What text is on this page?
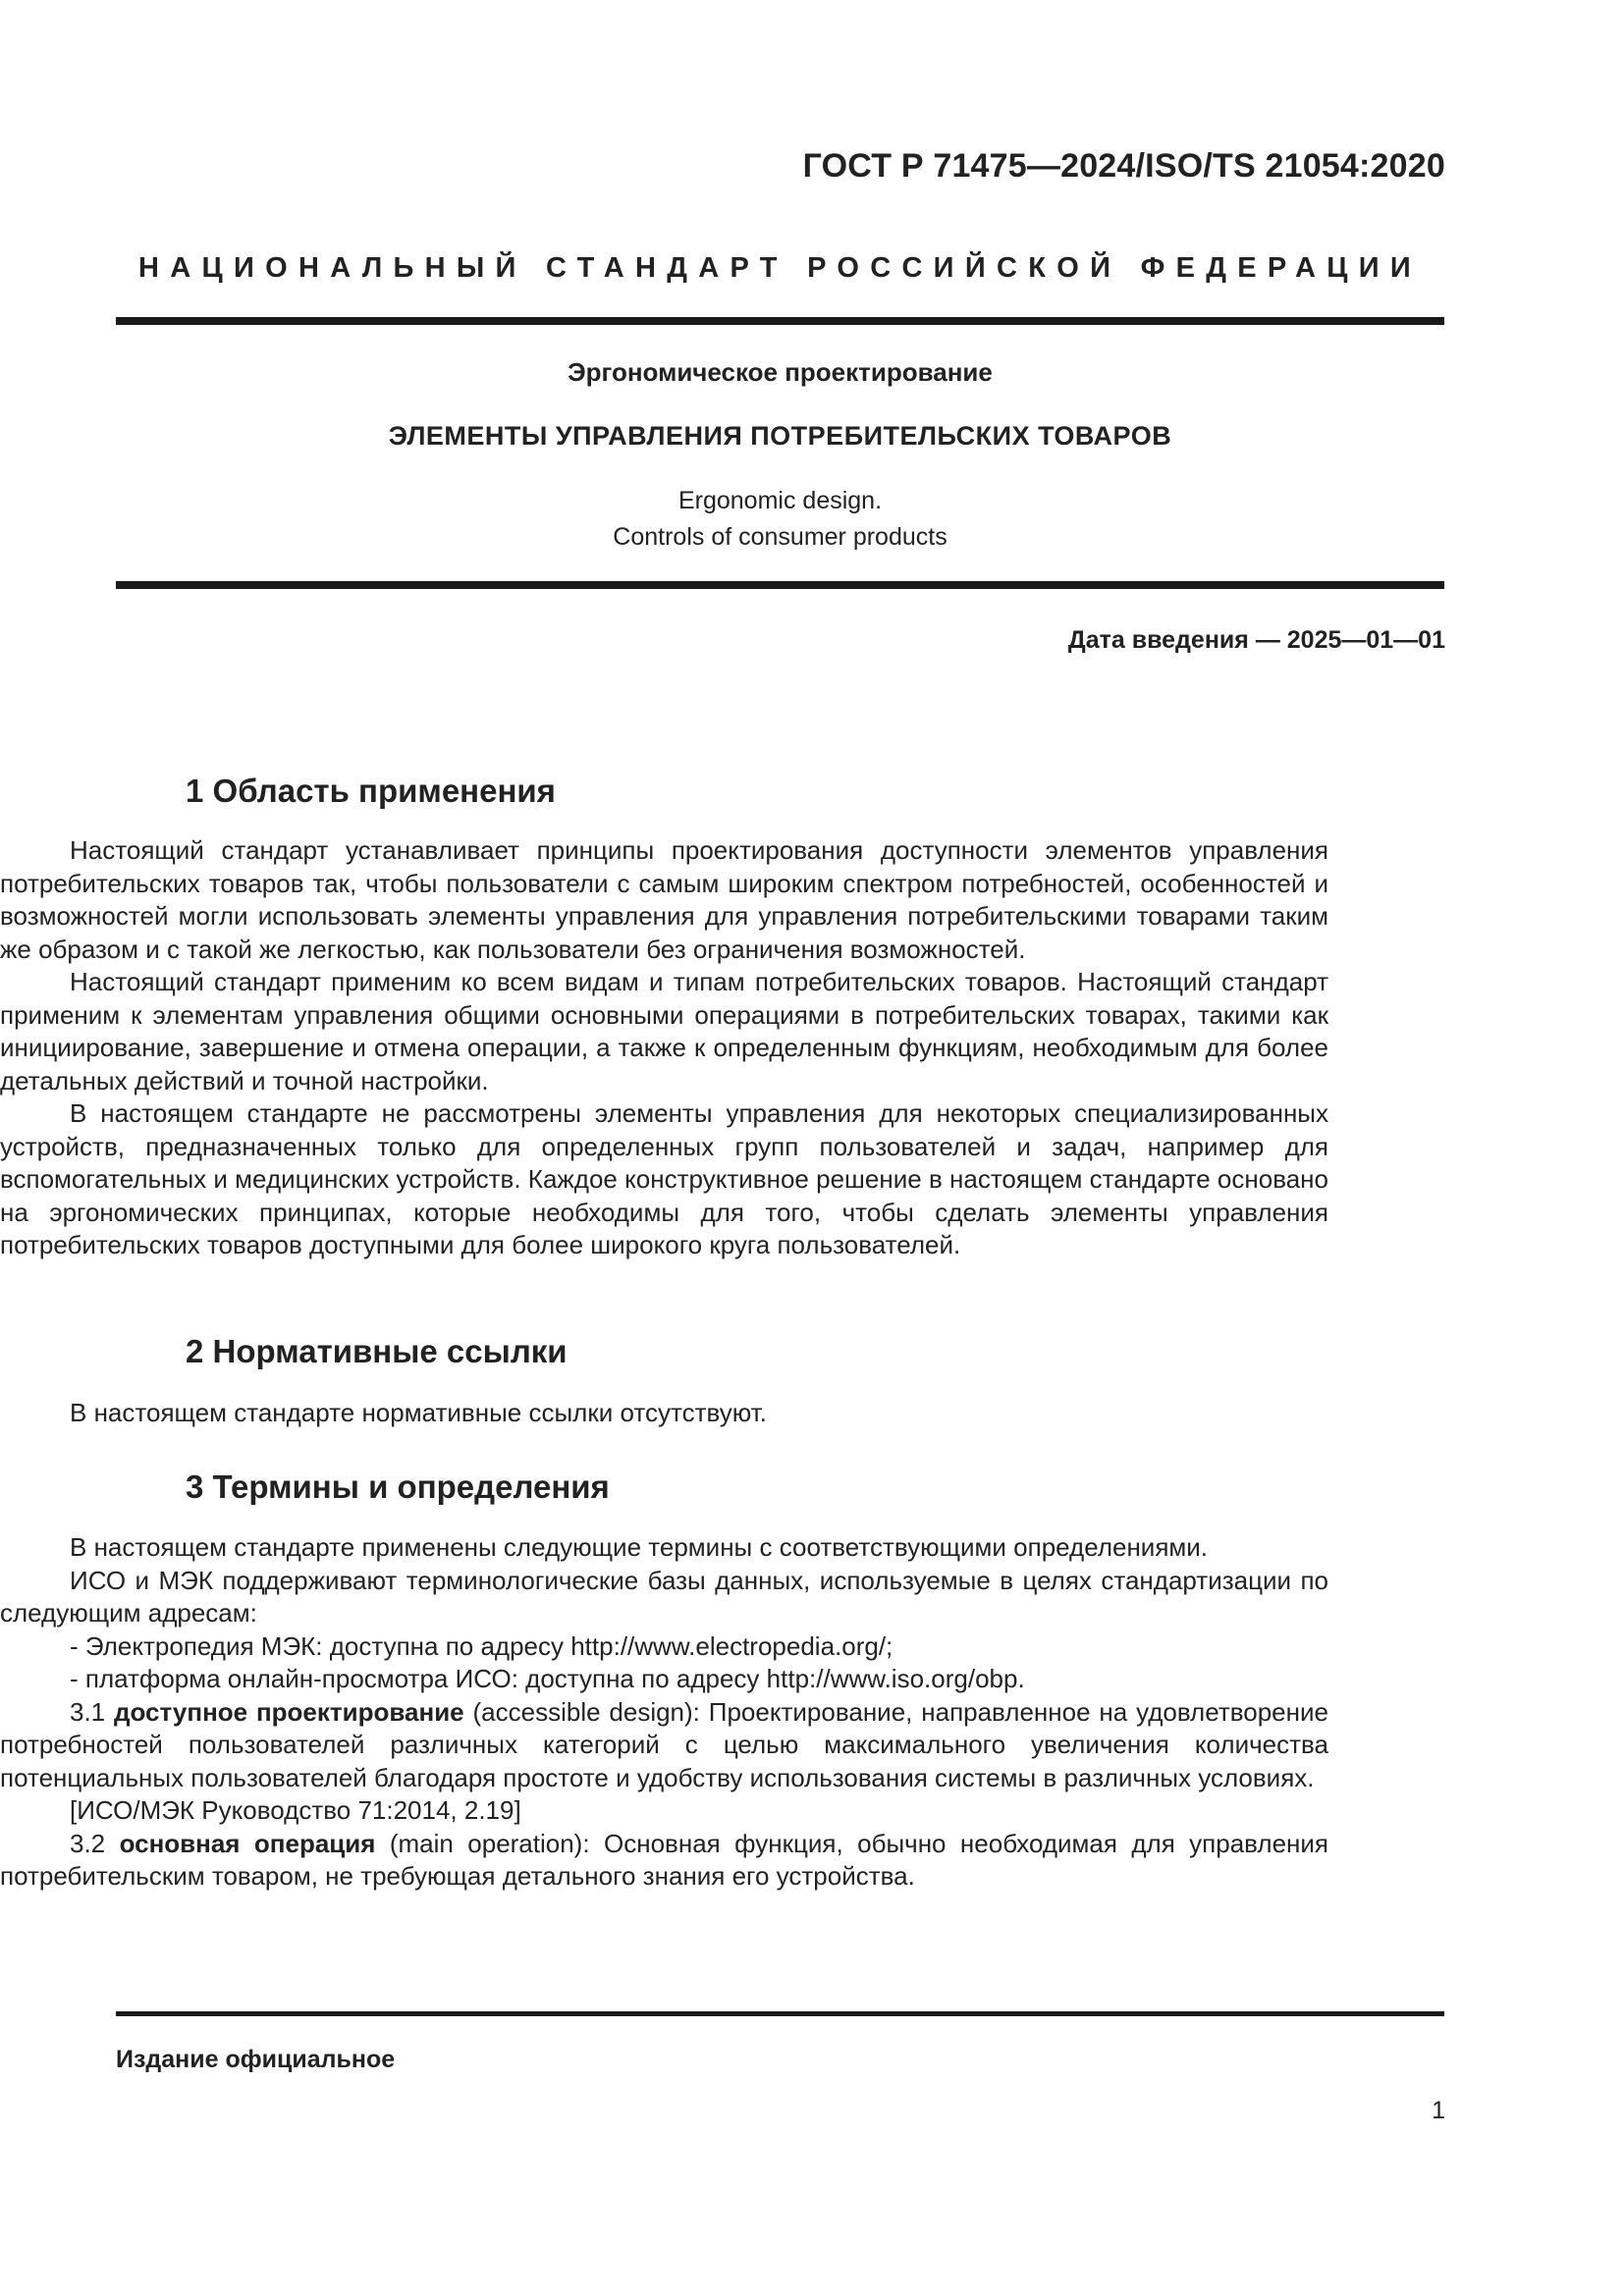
ГОСТ Р 71475—2024/ISO/TS 21054:2020
НАЦИОНАЛЬНЫЙ СТАНДАРТ РОССИЙСКОЙ ФЕДЕРАЦИИ
Эргономическое проектирование
ЭЛЕМЕНТЫ УПРАВЛЕНИЯ ПОТРЕБИТЕЛЬСКИХ ТОВАРОВ
Ergonomic design.
Controls of consumer products
Дата введения — 2025—01—01
1 Область применения

Настоящий стандарт устанавливает принципы проектирования доступности элементов управления потребительских товаров так, чтобы пользователи с самым широким спектром потребностей, особенностей и возможностей могли использовать элементы управления для управления потребительскими товарами таким же образом и с такой же легкостью, как пользователи без ограничения возможностей.

Настоящий стандарт применим ко всем видам и типам потребительских товаров. Настоящий стандарт применим к элементам управления общими основными операциями в потребительских товарах, такими как инициирование, завершение и отмена операции, а также к определенным функциям, необходимым для более детальных действий и точной настройки.

В настоящем стандарте не рассмотрены элементы управления для некоторых специализированных устройств, предназначенных только для определенных групп пользователей и задач, например для вспомогательных и медицинских устройств. Каждое конструктивное решение в настоящем стандарте основано на эргономических принципах, которые необходимы для того, чтобы сделать элементы управления потребительских товаров доступными для более широкого круга пользователей.

2 Нормативные ссылки

В настоящем стандарте нормативные ссылки отсутствуют.

3 Термины и определения

В настоящем стандарте применены следующие термины с соответствующими определениями.

ИСО и МЭК поддерживают терминологические базы данных, используемые в целях стандартизации по следующим адресам:

- Электропедия МЭК: доступна по адресу http://www.electropedia.org/;

- платформа онлайн-просмотра ИСО: доступна по адресу http://www.iso.org/obp.

3.1 доступное проектирование (accessible design): Проектирование, направленное на удовлетворение потребностей пользователей различных категорий с целью максимального увеличения количества потенциальных пользователей благодаря простоте и удобству использования системы в различных условиях.

[ИСО/МЭК Руководство 71:2014, 2.19]

3.2 основная операция (main operation): Основная функция, обычно необходимая для управления потребительским товаром, не требующая детального знания его устройства.

Издание официальное
1
